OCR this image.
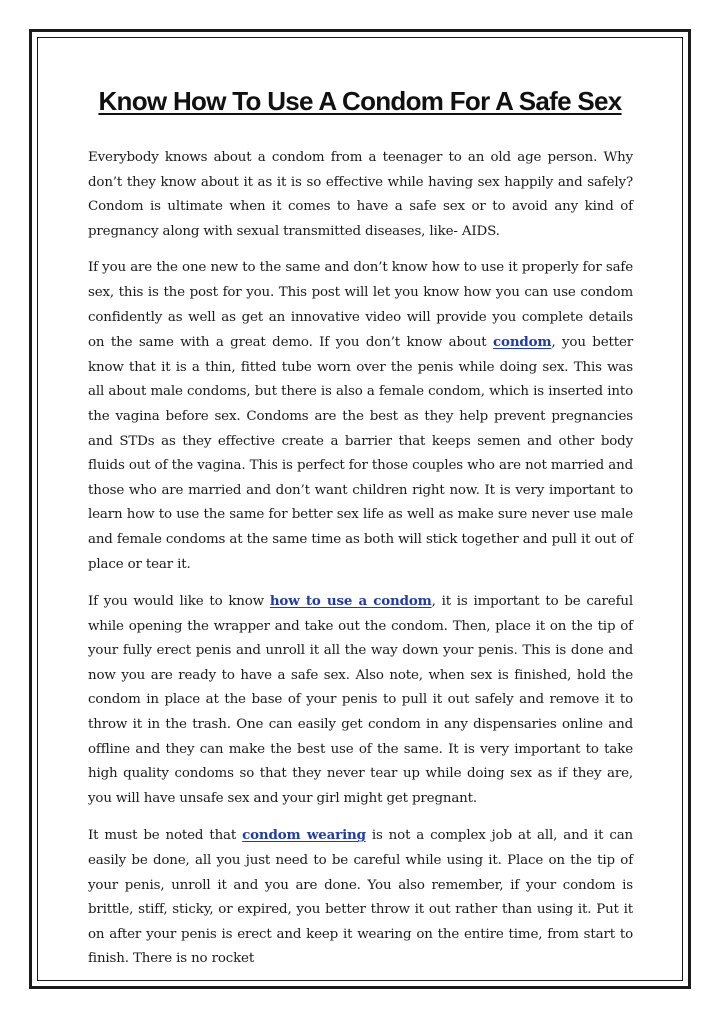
Know How To Use A Condom For A Safe Sex

Everybody knows about a condom from a teenager to an old age person. Why don’t they know about it as it is so effective while having sex happily and safely? Condom is ultimate when it comes to have a safe sex or to avoid any kind of pregnancy along with sexual transmitted diseases, like- AIDS.

If you are the one new to the same and don’t know how to use it properly for safe sex, this is the post for you. This post will let you know how you can use condom confidently as well as get an innovative video will provide you complete details on the same with a great demo. If you don’t know about condom, you better know that it is a thin, fitted tube worn over the penis while doing sex. This was all about male condoms, but there is also a female condom, which is inserted into the vagina before sex. Condoms are the best as they help prevent pregnancies and STDs as they effective create a barrier that keeps semen and other body fluids out of the vagina. This is perfect for those couples who are not married and those who are married and don’t want children right now. It is very important to learn how to use the same for better sex life as well as make sure never use male and female condoms at the same time as both will stick together and pull it out of place or tear it.

If you would like to know how to use a condom, it is important to be careful while opening the wrapper and take out the condom. Then, place it on the tip of your fully erect penis and unroll it all the way down your penis. This is done and now you are ready to have a safe sex. Also note, when sex is finished, hold the condom in place at the base of your penis to pull it out safely and remove it to throw it in the trash. One can easily get condom in any dispensaries online and offline and they can make the best use of the same. It is very important to take high quality condoms so that they never tear up while doing sex as if they are, you will have unsafe sex and your girl might get pregnant.

It must be noted that condom wearing is not a complex job at all, and it can easily be done, all you just need to be careful while using it. Place on the tip of your penis, unroll it and you are done. You also remember, if your condom is brittle, stiff, sticky, or expired, you better throw it out rather than using it. Put it on after your penis is erect and keep it wearing on the entire time, from start to finish. There is no rocket
